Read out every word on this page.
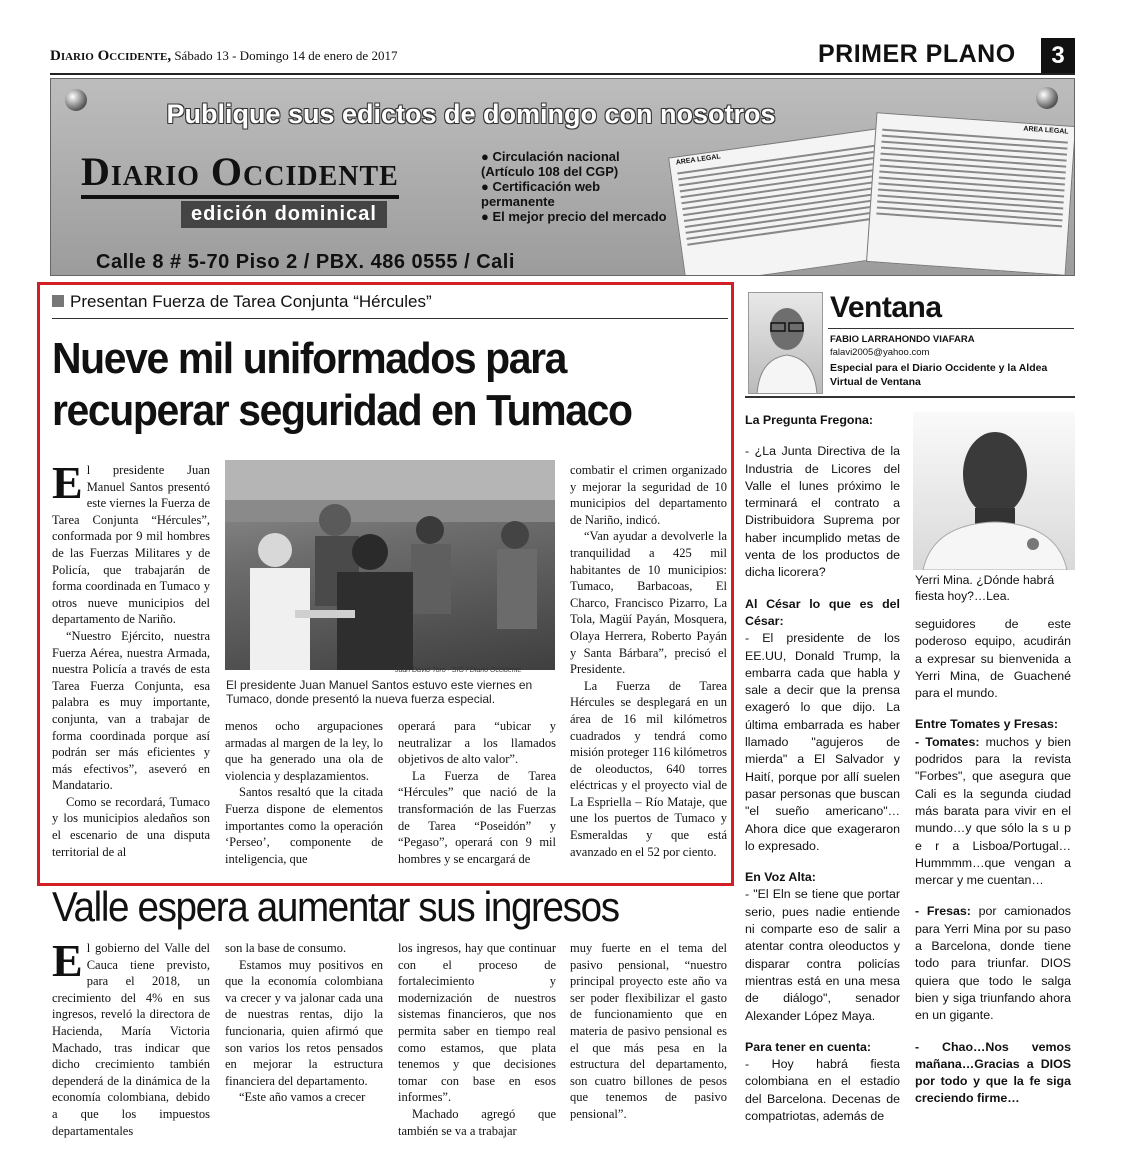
Diario Occidente, Sábado 13 - Domingo 14 de enero de 2017	PRIMER PLANO	3
Publique sus edictos de domingo con nosotros
Diario Occidente
edición dominical
● Circulación nacional (Artículo 108 del CGP)
● Certificación web permanente
● El mejor precio del mercado
Calle 8 # 5-70 Piso 2 / PBX. 486 0555 / Cali
AREA LEGAL
AREA LEGAL
Presentan Fuerza de Tarea Conjunta “Hércules”
Nueve mil uniformados para
recuperar seguridad en Tumaco

El presidente Juan Manuel Santos presentó este viernes la Fuerza de Tarea Conjunta “Hércules”, conformada por 9 mil hombres de las Fuerzas Militares y de Policía, que trabajarán de forma coordinada en Tumaco y otros nueve municipios del departamento de Nariño.

“Nuestro Ejército, nuestra Fuerza Aérea, nuestra Armada, nuestra Policía a través de esta Tarea Fuerza Conjunta, esa palabra es muy importante, conjunta, van a trabajar de forma coordinada porque así podrán ser más eficientes y más efectivos”, aseveró en Mandatario.

Como se recordará, Tumaco y los municipios aledaños son el escenario de una disputa territorial de al

Juan David Toro · SIG / Diario Occidente
El presidente Juan Manuel Santos estuvo este viernes en Tumaco, donde presentó la nueva fuerza especial.

menos ocho argupaciones armadas al margen de la ley, lo que ha generado una ola de violencia y desplazamientos.

Santos resaltó que la citada Fuerza dispone de elementos importantes como la operación ‘Perseo’, componente de inteligencia, que

operará para “ubicar y neutralizar a los llamados objetivos de alto valor”.

La Fuerza de Tarea “Hércules” que nació de la transformación de las Fuerzas de Tarea “Poseidón” y “Pegaso”, operará con 9 mil hombres y se encargará de

combatir el crimen organizado y mejorar la seguridad de 10 municipios del departamento de Nariño, indicó.

“Van ayudar a devolverle la tranquilidad a 425 mil habitantes de 10 municipios: Tumaco, Barbacoas, El Charco, Francisco Pizarro, La Tola, Magüí Payán, Mosquera, Olaya Herrera, Roberto Payán y Santa Bárbara”, precisó el Presidente.

La Fuerza de Tarea Hércules se desplegará en un área de 16 mil kilómetros cuadrados y tendrá como misión proteger 116 kilómetros de oleoductos, 640 torres eléctricas y el proyecto vial de La Espriella – Río Mataje, que une los puertos de Tumaco y Esmeraldas y que está avanzado en el 52 por ciento.

Valle espera aumentar sus ingresos

El gobierno del Valle del Cauca tiene previsto, para el 2018, un crecimiento del 4% en sus ingresos, reveló la directora de Hacienda, María Victoria Machado, tras indicar que dicho crecimiento también dependerá de la dinámica de la economía colombiana, debido a que los impuestos departamentales

son la base de consumo.

Estamos muy positivos en que la economía colombiana va crecer y va jalonar cada una de nuestras rentas, dijo la funcionaria, quien afirmó que son varios los retos pensados en mejorar la estructura financiera del departamento.

“Este año vamos a crecer

los ingresos, hay que continuar con el proceso de fortalecimiento y modernización de nuestros sistemas financieros, que nos permita saber en tiempo real como estamos, que plata tenemos y que decisiones tomar con base en esos informes”.

Machado agregó que también se va a trabajar

muy fuerte en el tema del pasivo pensional, “nuestro principal proyecto este año va ser poder flexibilizar el gasto de funcionamiento que en materia de pasivo pensional es el que más pesa en la estructura del departamento, son cuatro billones de pesos que tenemos de pasivo pensional”.

Ventana
FABIO LARRAHONDO VIAFARA
falavi2005@yahoo.com
Especial para el Diario Occidente y la Aldea Virtual de Ventana

La Pregunta Fregona:

- ¿La Junta Directiva de la Industria de Licores del Valle el lunes próximo le terminará el contrato a Distribuidora Suprema por haber incumplido metas de venta de los productos de dicha licorera?

Al César lo que es del César:

- El presidente de los EE.UU, Donald Trump, la embarra cada que habla y sale a decir que la prensa exageró lo que dijo. La última embarrada es haber llamado "agujeros de mierda" a El Salvador y Haití, porque por allí suelen pasar personas que buscan "el sueño americano"…Ahora dice que exageraron lo expresado.

En Voz Alta:

- "El Eln se tiene que portar serio, pues nadie entiende ni comparte eso de salir a atentar contra oleoductos y disparar contra policías mientras está en una mesa de diálogo", senador Alexander López Maya.

Para tener en cuenta:

- Hoy habrá fiesta colombiana en el estadio del Barcelona. Decenas de compatriotas, además de

Yerri Mina. ¿Dónde habrá fiesta hoy?…Lea.

seguidores de este poderoso equipo, acudirán a expresar su bienvenida a Yerri Mina, de Guachené para el mundo.

Entre Tomates y Fresas:

- Tomates: muchos y bien podridos para la revista "Forbes", que asegura que Cali es la segunda ciudad más barata para vivir en el mundo…y que sólo la s u p e r a Lisboa/Portugal…Hummmm…que vengan a mercar y me cuentan…

- Fresas: por camionados para Yerri Mina por su paso a Barcelona, donde tiene todo para triunfar. DIOS quiera que todo le salga bien y siga triunfando ahora en un gigante.

- Chao…Nos vemos mañana…Gracias a DIOS por todo y que la fe siga creciendo firme…
